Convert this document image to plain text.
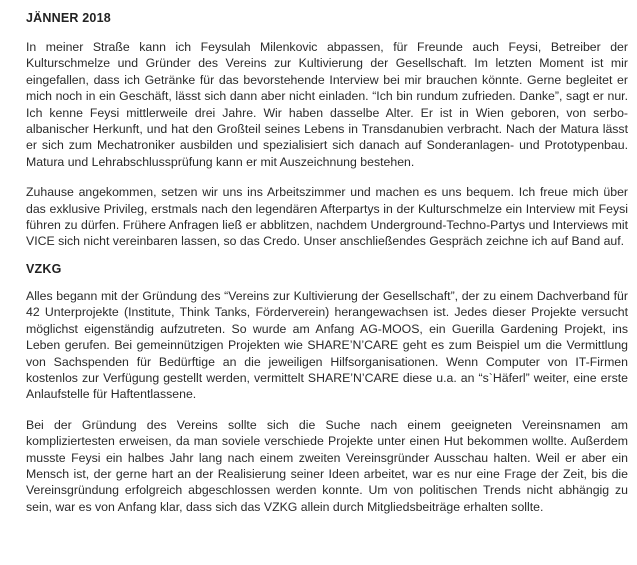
JÄNNER 2018

In meiner Straße kann ich Feysulah Milenkovic abpassen, für Freunde auch Feysi, Betreiber der Kulturschmelze und Gründer des Vereins zur Kultivierung der Gesellschaft. Im letzten Moment ist mir eingefallen, dass ich Getränke für das bevorstehende Interview bei mir brauchen könnte. Gerne begleitet er mich noch in ein Geschäft, lässt sich dann aber nicht einladen. “Ich bin rundum zufrieden. Danke”, sagt er nur. Ich kenne Feysi mittlerweile drei Jahre. Wir haben dasselbe Alter. Er ist in Wien geboren, von serbo-albanischer Herkunft, und hat den Großteil seines Lebens in Transdanubien verbracht. Nach der Matura lässt er sich zum Mechatroniker ausbilden und spezialisiert sich danach auf Sonderanlagen- und Prototypenbau. Matura und Lehrabschlussprüfung kann er mit Auszeichnung bestehen.

Zuhause angekommen, setzen wir uns ins Arbeitszimmer und machen es uns bequem. Ich freue mich über das exklusive Privileg, erstmals nach den legendären Afterpartys in der Kulturschmelze ein Interview mit Feysi führen zu dürfen. Frühere Anfragen ließ er abblitzen, nachdem Underground-Techno-Partys und Interviews mit VICE sich nicht vereinbaren lassen, so das Credo. Unser anschließendes Gespräch zeichne ich auf Band auf.

VZKG

Alles begann mit der Gründung des “Vereins zur Kultivierung der Gesellschaft”, der zu einem Dachverband für 42 Unterprojekte (Institute, Think Tanks, Förderverein) herangewachsen ist. Jedes dieser Projekte versucht möglichst eigenständig aufzutreten. So wurde am Anfang AG-MOOS, ein Guerilla Gardening Projekt, ins Leben gerufen. Bei gemeinnützigen Projekten wie SHARE’N’CARE geht es zum Beispiel um die Vermittlung von Sachspenden für Bedürftige an die jeweiligen Hilfsorganisationen. Wenn Computer von IT-Firmen kostenlos zur Verfügung gestellt werden, vermittelt SHARE’N’CARE diese u.a. an “s`Häferl” weiter, eine erste Anlaufstelle für Haftentlassene.

Bei der Gründung des Vereins sollte sich die Suche nach einem geeigneten Vereinsnamen am kompliziertesten erweisen, da man soviele verschiede Projekte unter einen Hut bekommen wollte. Außerdem musste Feysi ein halbes Jahr lang nach einem zweiten Vereinsgründer Ausschau halten. Weil er aber ein Mensch ist, der gerne hart an der Realisierung seiner Ideen arbeitet, war es nur eine Frage der Zeit, bis die Vereinsgründung erfolgreich abgeschlossen werden konnte. Um von politischen Trends nicht abhängig zu sein, war es von Anfang klar, dass sich das VZKG allein durch Mitgliedsbeiträge erhalten sollte.
